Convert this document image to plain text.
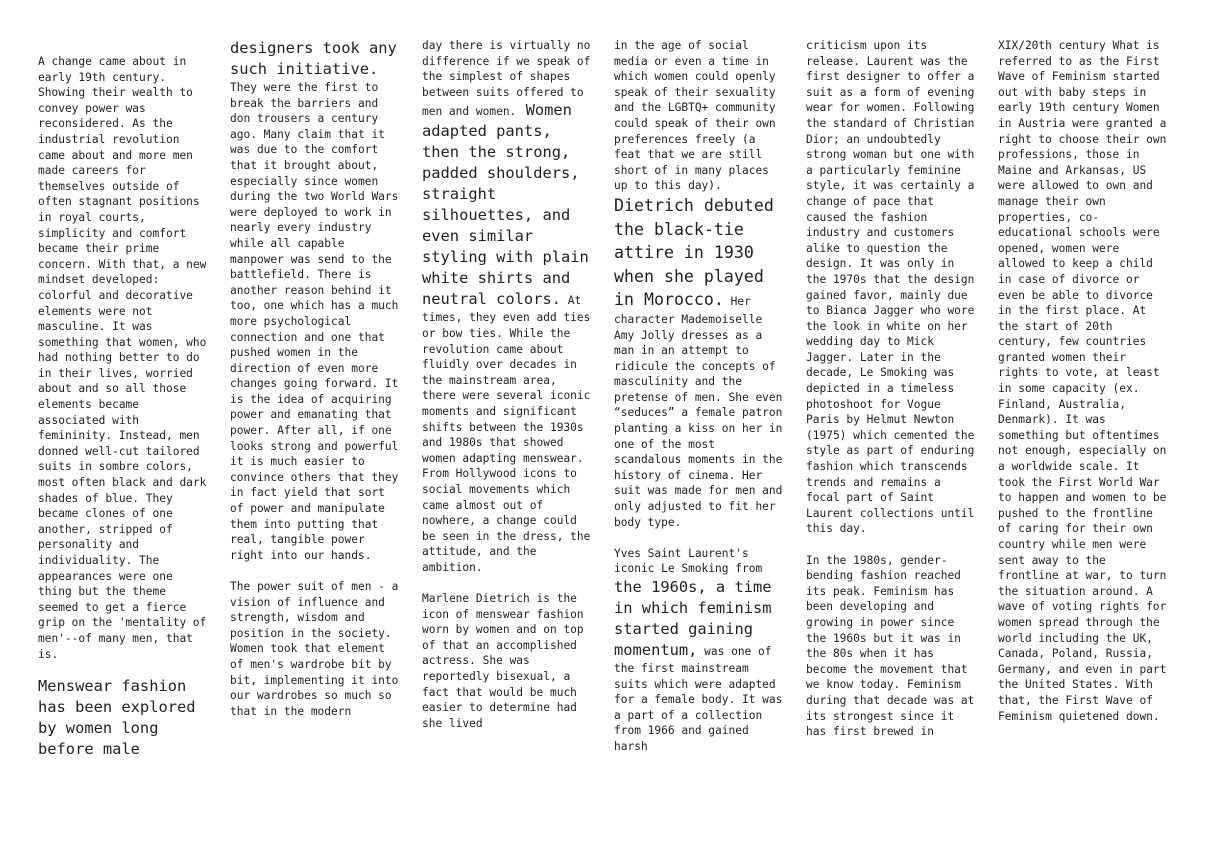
A change came about in early 19th century. Showing their wealth to convey power was reconsidered. As the industrial revolution came about and more men made careers for themselves outside of often stagnant positions in royal courts, simplicity and comfort became their prime concern. With that, a new mindset developed: colorful and decorative elements were not masculine. It was something that women, who had nothing better to do in their lives, worried about and so all those elements became associated with femininity. Instead, men donned well-cut tailored suits in sombre colors, most often black and dark shades of blue. They became clones of one another, stripped of personality and individuality. The appearances were one thing but the theme seemed to get a fierce grip on the 'mentality of men'--of many men, that is.

Menswear fashion has been explored by women long before male

designers took any such initiative. They were the first to break the barriers and don trousers a century ago. Many claim that it was due to the comfort that it brought about, especially since women during the two World Wars were deployed to work in nearly every industry while all capable manpower was send to the battlefield. There is another reason behind it too, one which has a much more psychological connection and one that pushed women in the direction of even more changes going forward. It is the idea of acquiring power and emanating that power. After all, if one looks strong and powerful it is much easier to convince others that they in fact yield that sort of power and manipulate them into putting that real, tangible power right into our hands.

The power suit of men - a vision of influence and strength, wisdom and position in the society. Women took that element of men's wardrobe bit by bit, implementing it into our wardrobes so much so that in the modern

day there is virtually no difference if we speak of the simplest of shapes between suits offered to men and women. Women adapted pants, then the strong, padded shoulders, straight silhouettes, and even similar styling with plain white shirts and neutral colors. At times, they even add ties or bow ties. While the revolution came about fluidly over decades in the mainstream area, there were several iconic moments and significant shifts between the 1930s and 1980s that showed women adapting menswear. From Hollywood icons to social movements which came almost out of nowhere, a change could be seen in the dress, the attitude, and the ambition.

Marlene Dietrich is the icon of menswear fashion worn by women and on top of that an accomplished actress. She was reportedly bisexual, a fact that would be much easier to determine had she lived

in the age of social media or even a time in which women could openly speak of their sexuality and the LGBTQ+ community could speak of their own preferences freely (a feat that we are still short of in many places up to this day).

Dietrich debuted the black-tie attire in 1930 when she played in Morocco. Her character Mademoiselle Amy Jolly dresses as a man in an attempt to ridicule the concepts of masculinity and the pretense of men. She even “seduces” a female patron planting a kiss on her in one of the most scandalous moments in the history of cinema. Her suit was made for men and only adjusted to fit her body type.

Yves Saint Laurent's iconic Le Smoking from the 1960s, a time in which feminism started gaining momentum, was one of the first mainstream suits which were adapted for a female body. It was a part of a collection from 1966 and gained harsh

criticism upon its release. Laurent was the first designer to offer a suit as a form of evening wear for women. Following the standard of Christian Dior; an undoubtedly strong woman but one with a particularly feminine style, it was certainly a change of pace that caused the fashion industry and customers alike to question the design. It was only in the 1970s that the design gained favor, mainly due to Bianca Jagger who wore the look in white on her wedding day to Mick Jagger. Later in the decade, Le Smoking was depicted in a timeless photoshoot for Vogue Paris by Helmut Newton (1975) which cemented the style as part of enduring fashion which transcends trends and remains a focal part of Saint Laurent collections until this day.

In the 1980s, gender-bending fashion reached its peak. Feminism has been developing and growing in power since the 1960s but it was in the 80s when it has become the movement that we know today. Feminism during that decade was at its strongest since it has first brewed in

XIX/20th century What is referred to as the First Wave of Feminism started out with baby steps in early 19th century Women in Austria were granted a right to choose their own professions, those in Maine and Arkansas, US were allowed to own and manage their own properties, co-educational schools were opened, women were allowed to keep a child in case of divorce or even be able to divorce in the first place. At the start of 20th century, few countries granted women their rights to vote, at least in some capacity (ex. Finland, Australia, Denmark). It was something but oftentimes not enough, especially on a worldwide scale. It took the First World War to happen and women to be pushed to the frontline of caring for their own country while men were sent away to the frontline at war, to turn the situation around. A wave of voting rights for women spread through the world including the UK, Canada, Poland, Russia, Germany, and even in part the United States. With that, the First Wave of Feminism quietened down.
